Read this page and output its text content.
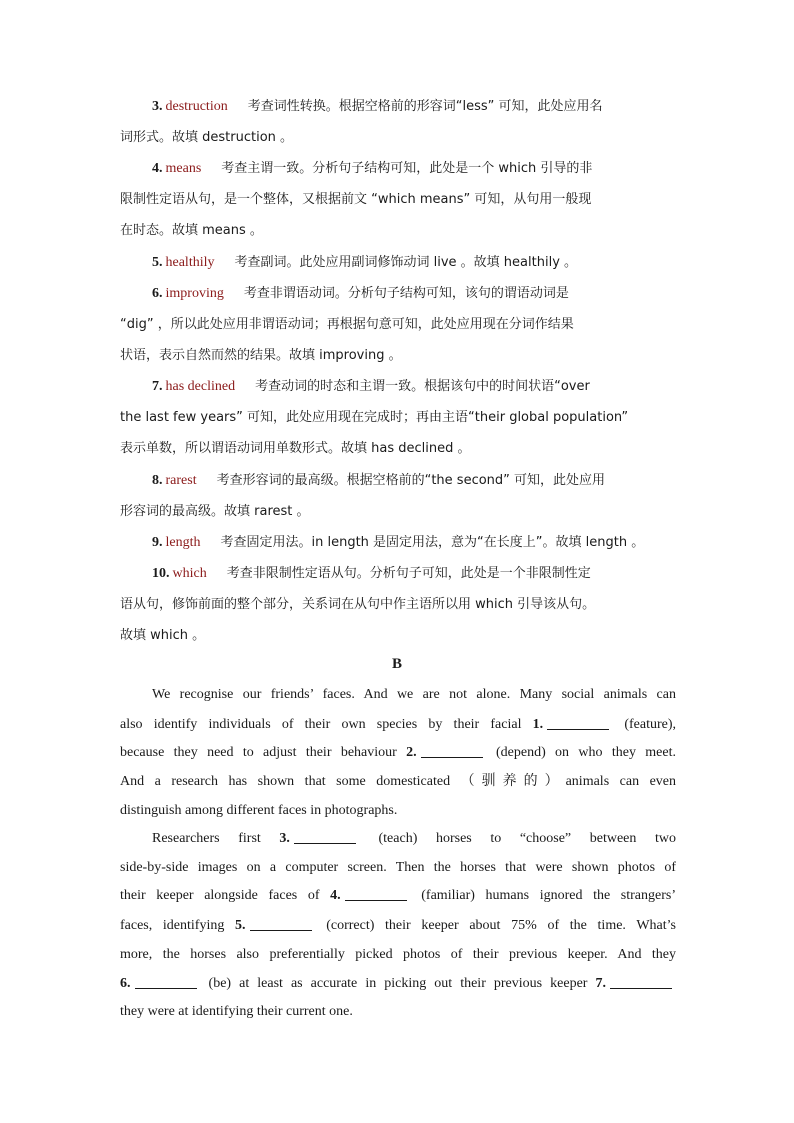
3. destruction 考查词性转换。根据空格前的形容词“less” 可知，此处应用名
词形式。故填 destruction 。
4. means 考查主谓一致。分析句子结构可知，此处是一个 which 引导的非
限制性定语从句，是一个整体，又根据前文 “which means” 可知，从句用一般现
在时态。故填 means 。
5. healthily 考查副词。此处应用副词修饰动词 live 。故填 healthily 。
6. improving 考查非谓语动词。分析句子结构可知，该句的谓语动词是
“dig” ，所以此处应用非谓语动词；再根据句意可知，此处应用现在分词作结果
状语，表示自然而然的结果。故填 improving 。
7. has declined 考查动词的时态和主谓一致。根据该句中的时间状语“over
the last few years” 可知，此处应用现在完成时；再由主语“their global population”
表示单数，所以谓语动词用单数形式。故填 has declined 。
8. rarest 考查形容词的最高级。根据空格前的“the second” 可知，此处应用
形容词的最高级。故填 rarest 。
9. length 考查固定用法。in length 是固定用法，意为“在长度上”。故填 length 。
10. which 考查非限制性定语从句。分析句子可知，此处是一个非限制性定
语从句，修饰前面的整个部分，关系词在从句中作主语所以用 which 引导该从句。
故填 which 。
B
We recognise our friends’ faces. And we are not alone. Many social animals can
also identify individuals of their own species by their facial 1.	(feature),
because they need to adjust their behaviour 2.	(depend) on who they meet.
And a research has shown that some domesticated （驯养的）animals can even
distinguish among different faces in photographs.
Researchers first 3.	(teach) horses to “choose” between two
side-by-side images on a computer screen. Then the horses that were shown photos of
their keeper alongside faces of 4.	(familiar) humans ignored the strangers’
faces, identifying 5.	(correct) their keeper about 75% of the time. What’s
more, the horses also preferentially picked photos of their previous keeper. And they
6.	(be) at least as accurate in picking out their previous keeper 7.
they were at identifying their current one.
